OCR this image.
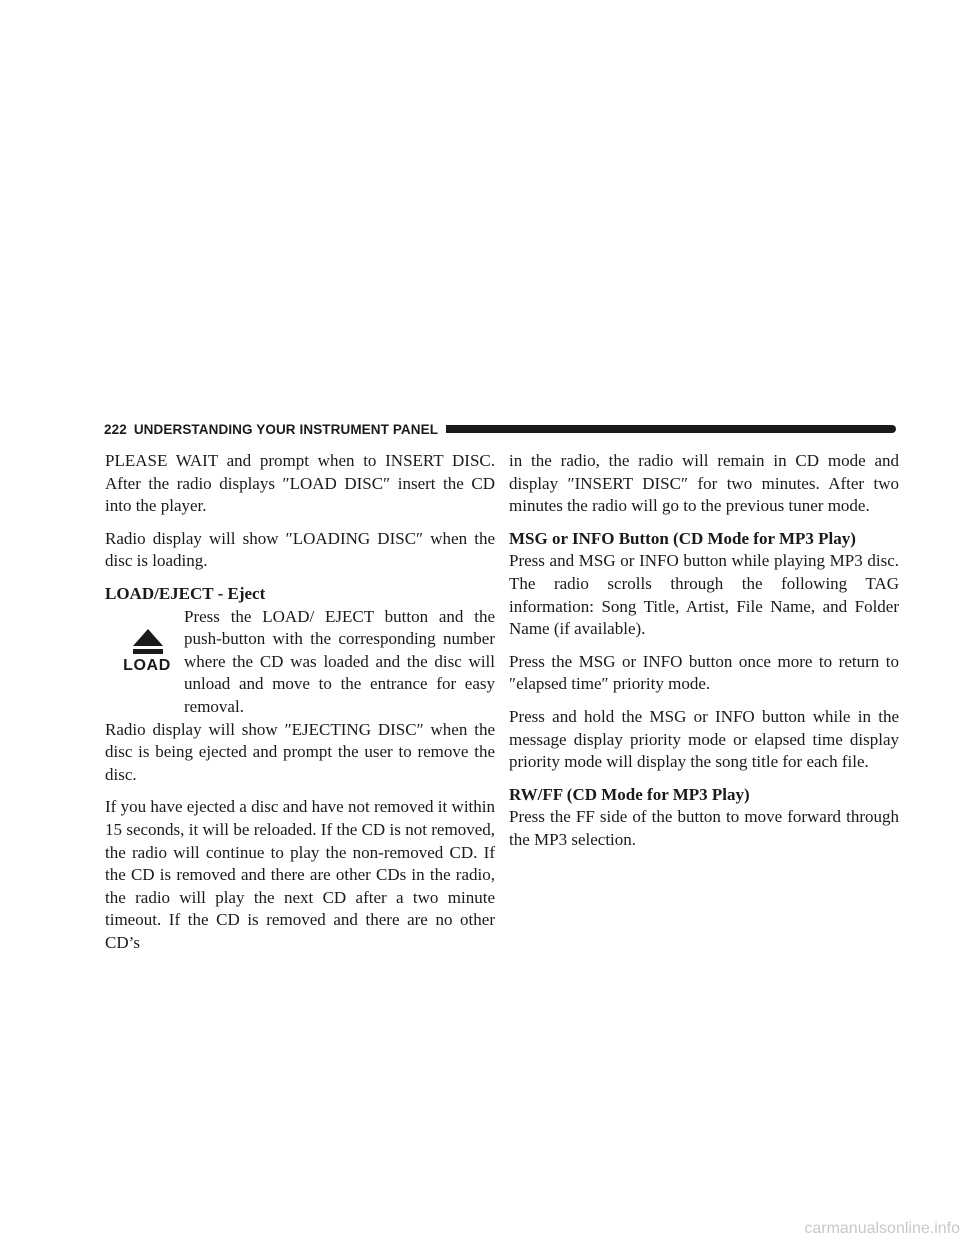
222 UNDERSTANDING YOUR INSTRUMENT PANEL

PLEASE WAIT and prompt when to INSERT DISC. After the radio displays ″LOAD DISC″ insert the CD into the player.

Radio display will show ″LOADING DISC″ when the disc is loading.

LOAD/EJECT - Eject
LOAD

Press the LOAD/ EJECT button and the push-button with the corresponding number where the CD was loaded and the disc will unload and move to the entrance for easy removal.

Radio display will show ″EJECTING DISC″ when the disc is being ejected and prompt the user to remove the disc.

If you have ejected a disc and have not removed it within 15 seconds, it will be reloaded. If the CD is not removed, the radio will continue to play the non-removed CD. If the CD is removed and there are other CDs in the radio, the radio will play the next CD after a two minute timeout. If the CD is removed and there are no other CD’s

in the radio, the radio will remain in CD mode and display ″INSERT DISC″ for two minutes. After two minutes the radio will go to the previous tuner mode.

MSG or INFO Button (CD Mode for MP3 Play)

Press and MSG or INFO button while playing MP3 disc. The radio scrolls through the following TAG information: Song Title, Artist, File Name, and Folder Name (if available).

Press the MSG or INFO button once more to return to ″elapsed time″ priority mode.

Press and hold the MSG or INFO button while in the message display priority mode or elapsed time display priority mode will display the song title for each file.

RW/FF (CD Mode for MP3 Play)

Press the FF side of the button to move forward through the MP3 selection.

carmanualsonline.info
